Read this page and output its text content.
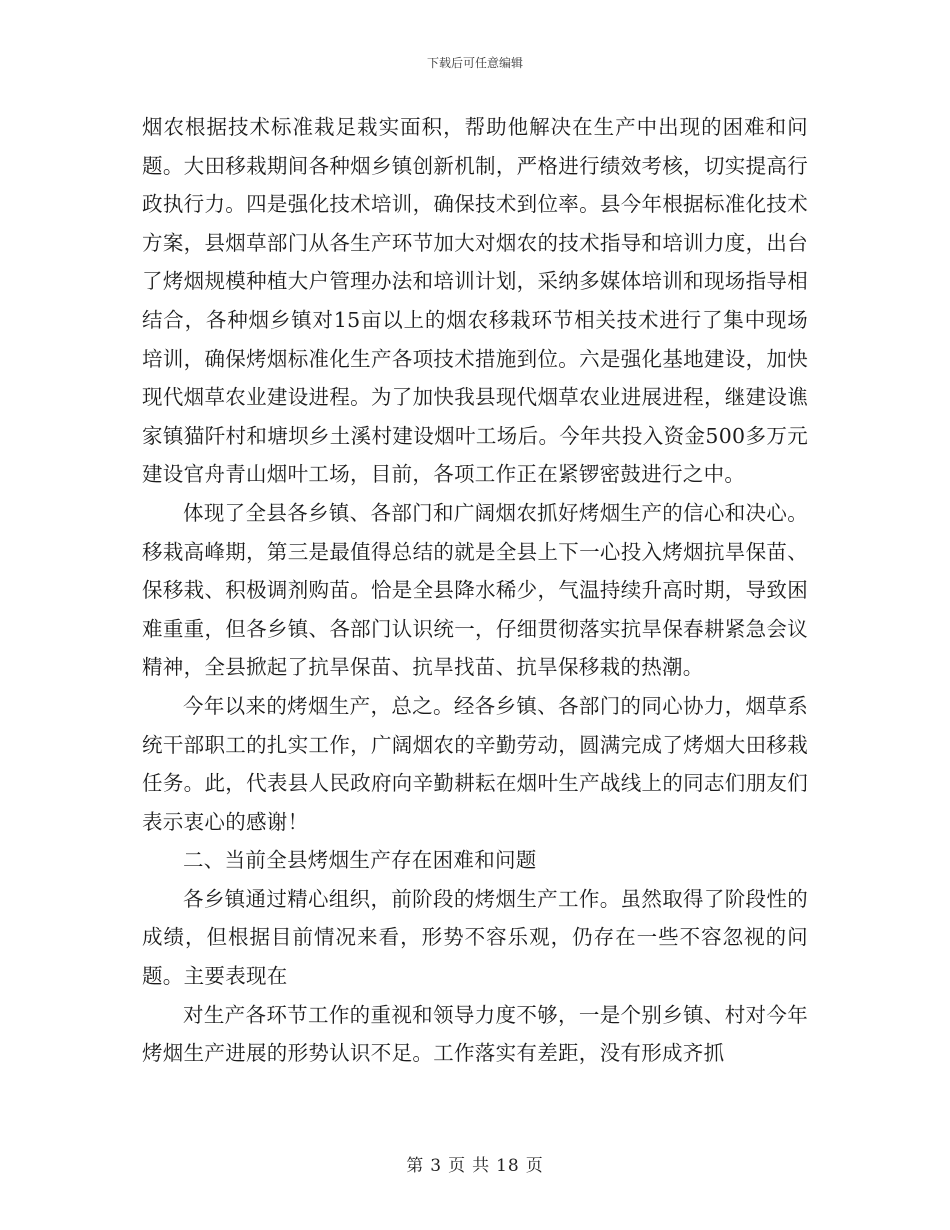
下载后可任意编辑

烟农根据技术标准栽足栽实面积，帮助他解决在生产中出现的困难和问题。大田移栽期间各种烟乡镇创新机制，严格进行绩效考核，切实提高行政执行力。四是强化技术培训，确保技术到位率。县今年根据标准化技术方案，县烟草部门从各生产环节加大对烟农的技术指导和培训力度，出台了烤烟规模种植大户管理办法和培训计划，采纳多媒体培训和现场指导相结合，各种烟乡镇对15亩以上的烟农移栽环节相关技术进行了集中现场培训，确保烤烟标准化生产各项技术措施到位。六是强化基地建设，加快现代烟草农业建设进程。为了加快我县现代烟草农业进展进程，继建设谯家镇猫阡村和塘坝乡土溪村建设烟叶工场后。今年共投入资金500多万元建设官舟青山烟叶工场，目前，各项工作正在紧锣密鼓进行之中。

体现了全县各乡镇、各部门和广阔烟农抓好烤烟生产的信心和决心。移栽高峰期，第三是最值得总结的就是全县上下一心投入烤烟抗旱保苗、保移栽、积极调剂购苗。恰是全县降水稀少，气温持续升高时期，导致困难重重，但各乡镇、各部门认识统一，仔细贯彻落实抗旱保春耕紧急会议精神，全县掀起了抗旱保苗、抗旱找苗、抗旱保移栽的热潮。

今年以来的烤烟生产，总之。经各乡镇、各部门的同心协力，烟草系统干部职工的扎实工作，广阔烟农的辛勤劳动，圆满完成了烤烟大田移栽任务。此，代表县人民政府向辛勤耕耘在烟叶生产战线上的同志们朋友们表示衷心的感谢！

二、当前全县烤烟生产存在困难和问题

各乡镇通过精心组织，前阶段的烤烟生产工作。虽然取得了阶段性的成绩，但根据目前情况来看，形势不容乐观，仍存在一些不容忽视的问题。主要表现在

对生产各环节工作的重视和领导力度不够，一是个别乡镇、村对今年烤烟生产进展的形势认识不足。工作落实有差距，没有形成齐抓

第 3 页 共 18 页
